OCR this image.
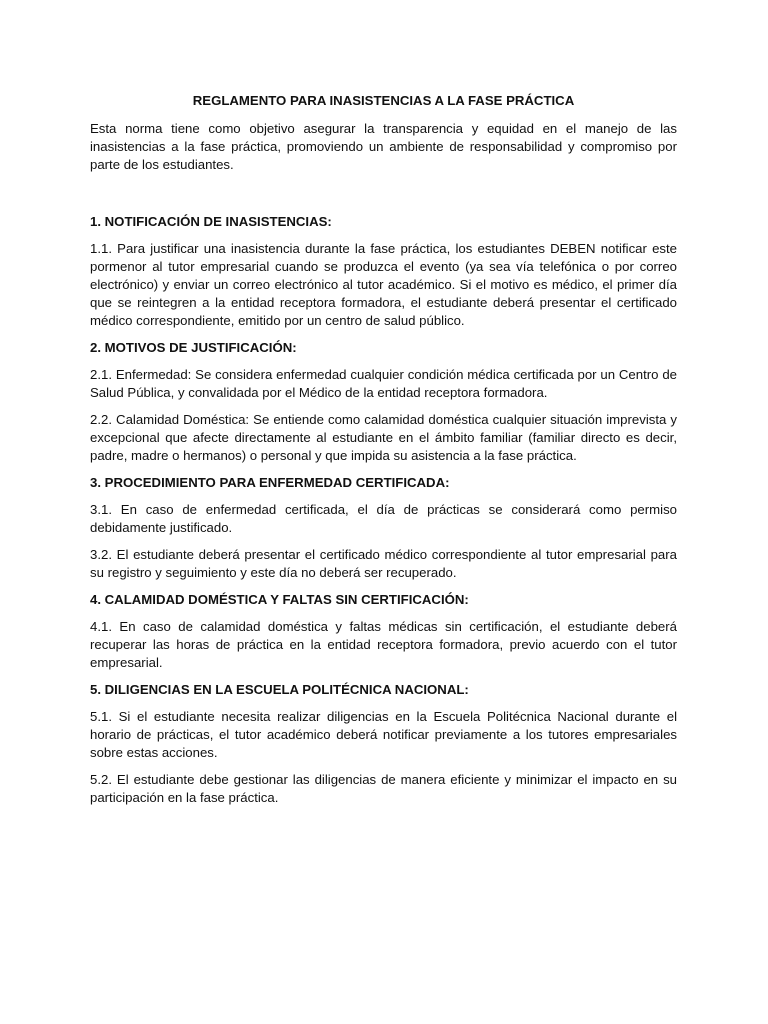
REGLAMENTO PARA INASISTENCIAS A LA FASE PRÁCTICA
Esta norma tiene como objetivo asegurar la transparencia y equidad en el manejo de las inasistencias a la fase práctica, promoviendo un ambiente de responsabilidad y compromiso por parte de los estudiantes.
1. NOTIFICACIÓN DE INASISTENCIAS:
1.1. Para justificar una inasistencia durante la fase práctica, los estudiantes DEBEN notificar este pormenor al tutor empresarial cuando se produzca el evento (ya sea vía telefónica o por correo electrónico) y enviar un correo electrónico al tutor académico. Si el motivo es médico, el primer día que se reintegren a la entidad receptora formadora, el estudiante deberá presentar el certificado médico correspondiente, emitido por un centro de salud público.
2. MOTIVOS DE JUSTIFICACIÓN:
2.1. Enfermedad: Se considera enfermedad cualquier condición médica certificada por un Centro de Salud Pública, y convalidada por el Médico de la entidad receptora formadora.
2.2. Calamidad Doméstica: Se entiende como calamidad doméstica cualquier situación imprevista y excepcional que afecte directamente al estudiante en el ámbito familiar (familiar directo es decir, padre, madre o hermanos) o personal y que impida su asistencia a la fase práctica.
3. PROCEDIMIENTO PARA ENFERMEDAD CERTIFICADA:
3.1. En caso de enfermedad certificada, el día de prácticas se considerará como permiso debidamente justificado.
3.2. El estudiante deberá presentar el certificado médico correspondiente al tutor empresarial para su registro y seguimiento y este día no deberá ser recuperado.
4. CALAMIDAD DOMÉSTICA Y FALTAS SIN CERTIFICACIÓN:
4.1. En caso de calamidad doméstica y faltas médicas sin certificación, el estudiante deberá recuperar las horas de práctica en la entidad receptora formadora, previo acuerdo con el tutor empresarial.
5. DILIGENCIAS EN LA ESCUELA POLITÉCNICA NACIONAL:
5.1. Si el estudiante necesita realizar diligencias en la Escuela Politécnica Nacional durante el horario de prácticas, el tutor académico deberá notificar previamente a los tutores empresariales sobre estas acciones.
5.2. El estudiante debe gestionar las diligencias de manera eficiente y minimizar el impacto en su participación en la fase práctica.
